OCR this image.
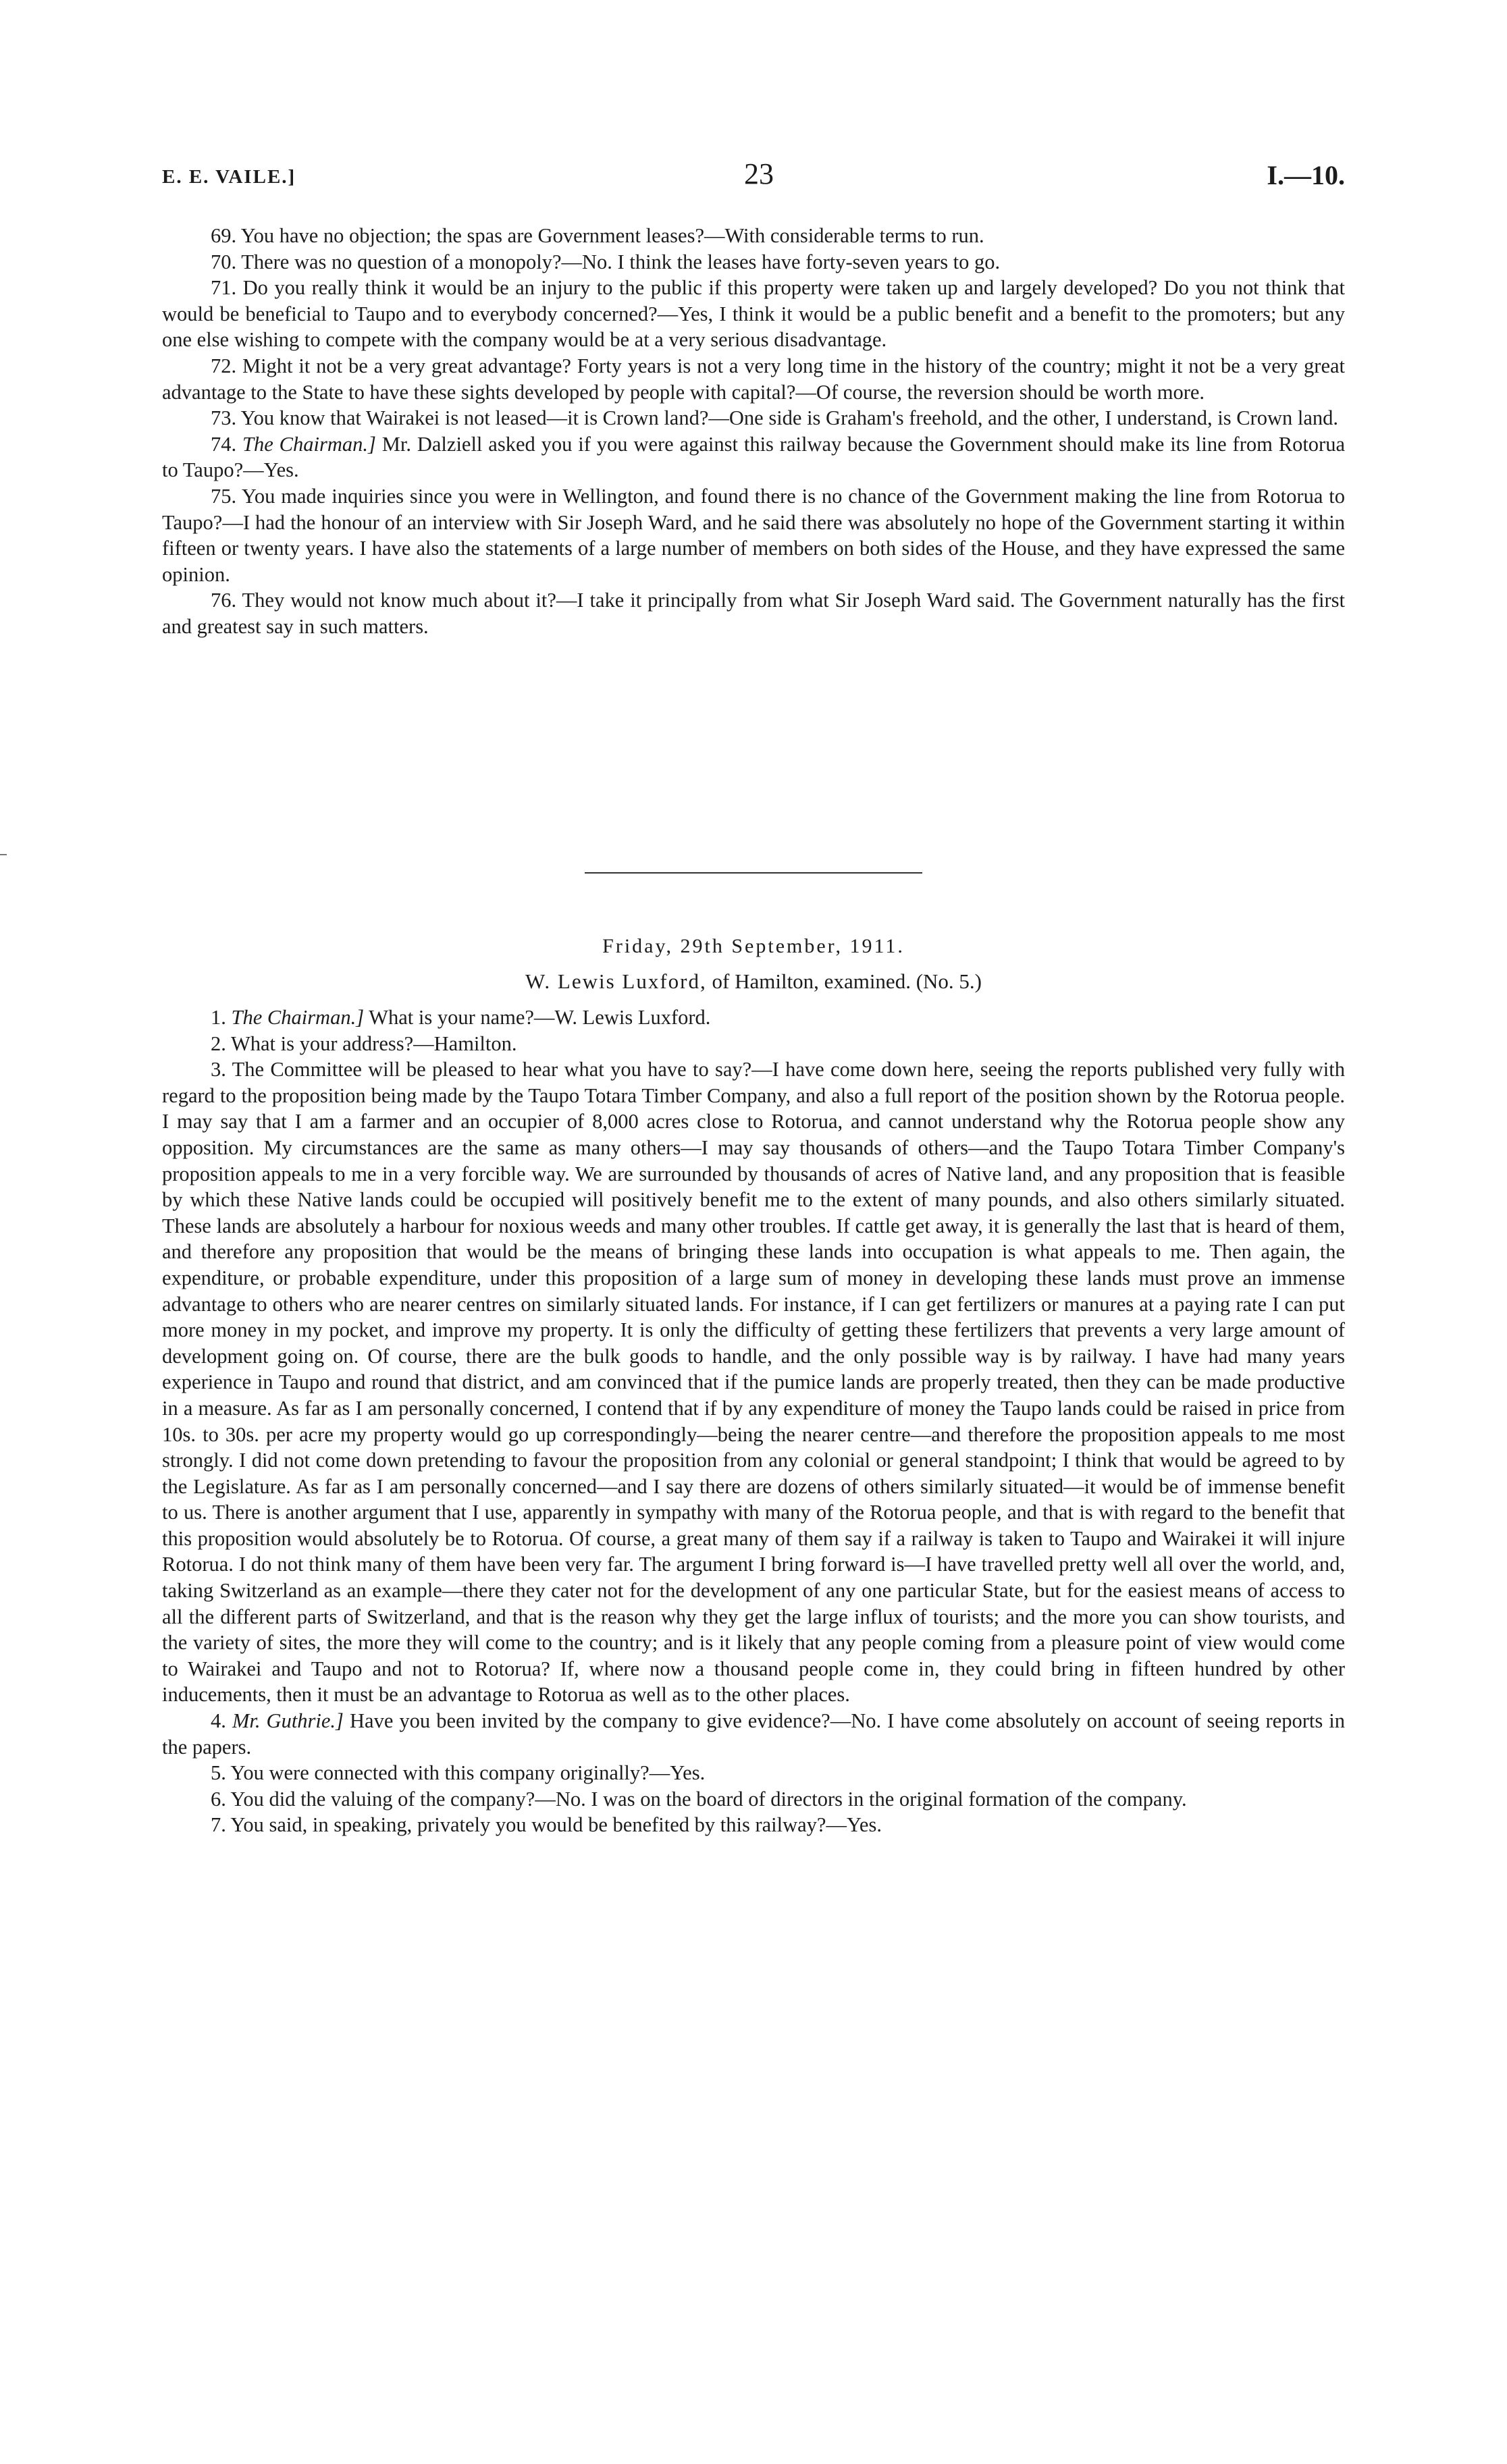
E. E. VAILE.]	23	I.—10.

69. You have no objection; the spas are Government leases?—With considerable terms to run.

70. There was no question of a monopoly?—No. I think the leases have forty-seven years to go.

71. Do you really think it would be an injury to the public if this property were taken up and largely developed? Do you not think that would be beneficial to Taupo and to everybody concerned?—Yes, I think it would be a public benefit and a benefit to the promoters; but any one else wishing to compete with the company would be at a very serious disadvantage.

72. Might it not be a very great advantage? Forty years is not a very long time in the history of the country; might it not be a very great advantage to the State to have these sights developed by people with capital?—Of course, the reversion should be worth more.

73. You know that Wairakei is not leased—it is Crown land?—One side is Graham's freehold, and the other, I understand, is Crown land.

74. The Chairman.] Mr. Dalziell asked you if you were against this railway because the Government should make its line from Rotorua to Taupo?—Yes.

75. You made inquiries since you were in Wellington, and found there is no chance of the Government making the line from Rotorua to Taupo?—I had the honour of an interview with Sir Joseph Ward, and he said there was absolutely no hope of the Government starting it within fifteen or twenty years. I have also the statements of a large number of members on both sides of the House, and they have expressed the same opinion.

76. They would not know much about it?—I take it principally from what Sir Joseph Ward said. The Government naturally has the first and greatest say in such matters.

Friday, 29th September, 1911.
W. Lewis Luxford, of Hamilton, examined. (No. 5.)

1. The Chairman.] What is your name?—W. Lewis Luxford.

2. What is your address?—Hamilton.

3. The Committee will be pleased to hear what you have to say?—I have come down here, seeing the reports published very fully with regard to the proposition being made by the Taupo Totara Timber Company, and also a full report of the position shown by the Rotorua people. I may say that I am a farmer and an occupier of 8,000 acres close to Rotorua, and cannot understand why the Rotorua people show any opposition. My circumstances are the same as many others—I may say thousands of others—and the Taupo Totara Timber Company's proposition appeals to me in a very forcible way. We are surrounded by thousands of acres of Native land, and any proposition that is feasible by which these Native lands could be occupied will positively benefit me to the extent of many pounds, and also others similarly situated. These lands are absolutely a harbour for noxious weeds and many other troubles. If cattle get away, it is generally the last that is heard of them, and therefore any proposition that would be the means of bringing these lands into occupation is what appeals to me. Then again, the expenditure, or probable expenditure, under this proposition of a large sum of money in developing these lands must prove an immense advantage to others who are nearer centres on similarly situated lands. For instance, if I can get fertilizers or manures at a paying rate I can put more money in my pocket, and improve my property. It is only the difficulty of getting these fertilizers that prevents a very large amount of development going on. Of course, there are the bulk goods to handle, and the only possible way is by railway. I have had many years experience in Taupo and round that district, and am convinced that if the pumice lands are properly treated, then they can be made productive in a measure. As far as I am personally concerned, I contend that if by any expenditure of money the Taupo lands could be raised in price from 10s. to 30s. per acre my property would go up correspondingly—being the nearer centre—and therefore the proposition appeals to me most strongly. I did not come down pretending to favour the proposition from any colonial or general standpoint; I think that would be agreed to by the Legislature. As far as I am personally concerned—and I say there are dozens of others similarly situated—it would be of immense benefit to us. There is another argument that I use, apparently in sympathy with many of the Rotorua people, and that is with regard to the benefit that this proposition would absolutely be to Rotorua. Of course, a great many of them say if a railway is taken to Taupo and Wairakei it will injure Rotorua. I do not think many of them have been very far. The argument I bring forward is—I have travelled pretty well all over the world, and, taking Switzerland as an example—there they cater not for the development of any one particular State, but for the easiest means of access to all the different parts of Switzerland, and that is the reason why they get the large influx of tourists; and the more you can show tourists, and the variety of sites, the more they will come to the country; and is it likely that any people coming from a pleasure point of view would come to Wairakei and Taupo and not to Rotorua? If, where now a thousand people come in, they could bring in fifteen hundred by other inducements, then it must be an advantage to Rotorua as well as to the other places.

4. Mr. Guthrie.] Have you been invited by the company to give evidence?—No. I have come absolutely on account of seeing reports in the papers.

5. You were connected with this company originally?—Yes.

6. You did the valuing of the company?—No. I was on the board of directors in the original formation of the company.

7. You said, in speaking, privately you would be benefited by this railway?—Yes.
